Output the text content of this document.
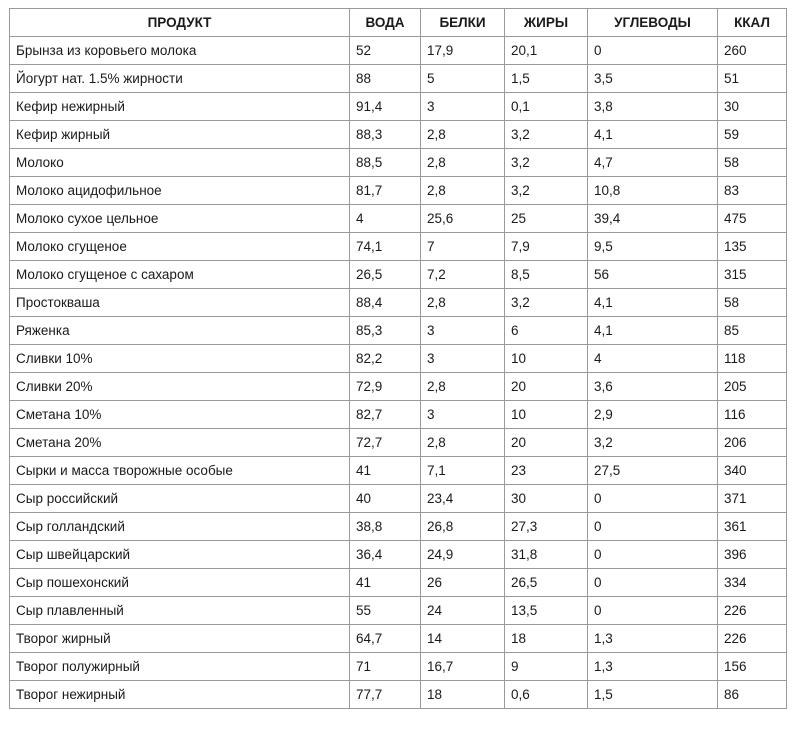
ПРОДУКТ	ВОДА	БЕЛКИ	ЖИРЫ	УГЛЕВОДЫ	ККАЛ
Брынза из коровьего молока	52	17,9	20,1	0	260
Йогурт нат. 1.5% жирности	88	5	1,5	3,5	51
Кефир нежирный	91,4	3	0,1	3,8	30
Кефир жирный	88,3	2,8	3,2	4,1	59
Молоко	88,5	2,8	3,2	4,7	58
Молоко ацидофильное	81,7	2,8	3,2	10,8	83
Молоко сухое цельное	4	25,6	25	39,4	475
Молоко сгущеное	74,1	7	7,9	9,5	135
Молоко сгущеное с сахаром	26,5	7,2	8,5	56	315
Простокваша	88,4	2,8	3,2	4,1	58
Ряженка	85,3	3	6	4,1	85
Сливки 10%	82,2	3	10	4	118
Сливки 20%	72,9	2,8	20	3,6	205
Сметана 10%	82,7	3	10	2,9	116
Сметана 20%	72,7	2,8	20	3,2	206
Сырки и масса творожные особые	41	7,1	23	27,5	340
Сыр российский	40	23,4	30	0	371
Сыр голландский	38,8	26,8	27,3	0	361
Сыр швейцарский	36,4	24,9	31,8	0	396
Сыр пошехонский	41	26	26,5	0	334
Сыр плавленный	55	24	13,5	0	226
Творог жирный	64,7	14	18	1,3	226
Творог полужирный	71	16,7	9	1,3	156
Творог нежирный	77,7	18	0,6	1,5	86
